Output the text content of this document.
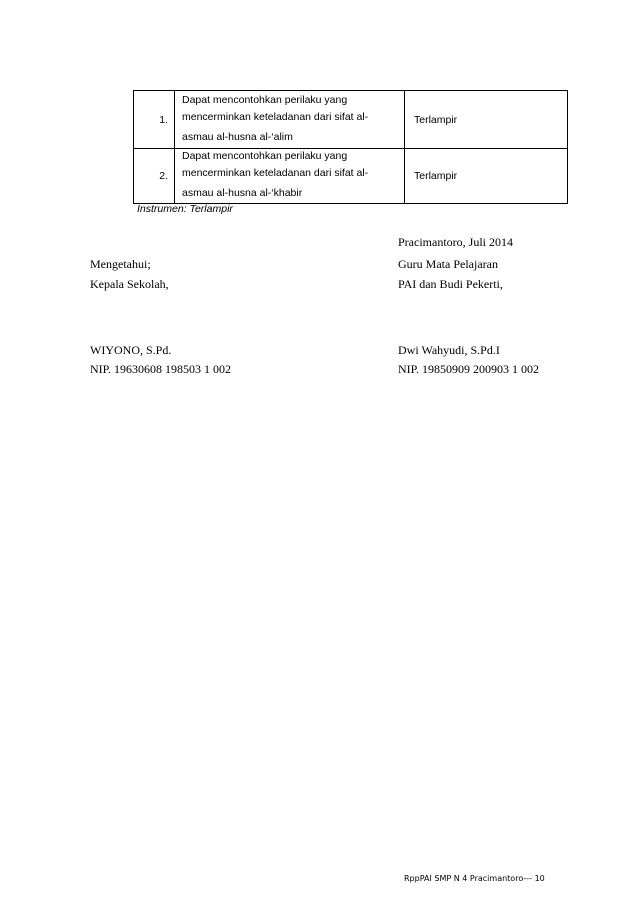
1.	Dapat mencontohkan perilaku yang
mencerminkan keteladanan dari sifat al-
asmau al-husna al-‘alim	Terlampir
2.	Dapat mencontohkan perilaku yang
mencerminkan keteladanan dari sifat al-
asmau al-husna al-‘khabir	Terlampir
Instrumen: Terlampir
Pracimantoro, Juli 2014
Mengetahui;
Kepala Sekolah,
Guru Mata Pelajaran
PAI dan Budi Pekerti,
WIYONO, S.Pd.
NIP. 19630608 198503 1 002
Dwi Wahyudi, S.Pd.I
NIP. 19850909 200903 1 002
RppPAI SMP N 4 Pracimantoro--- 10
